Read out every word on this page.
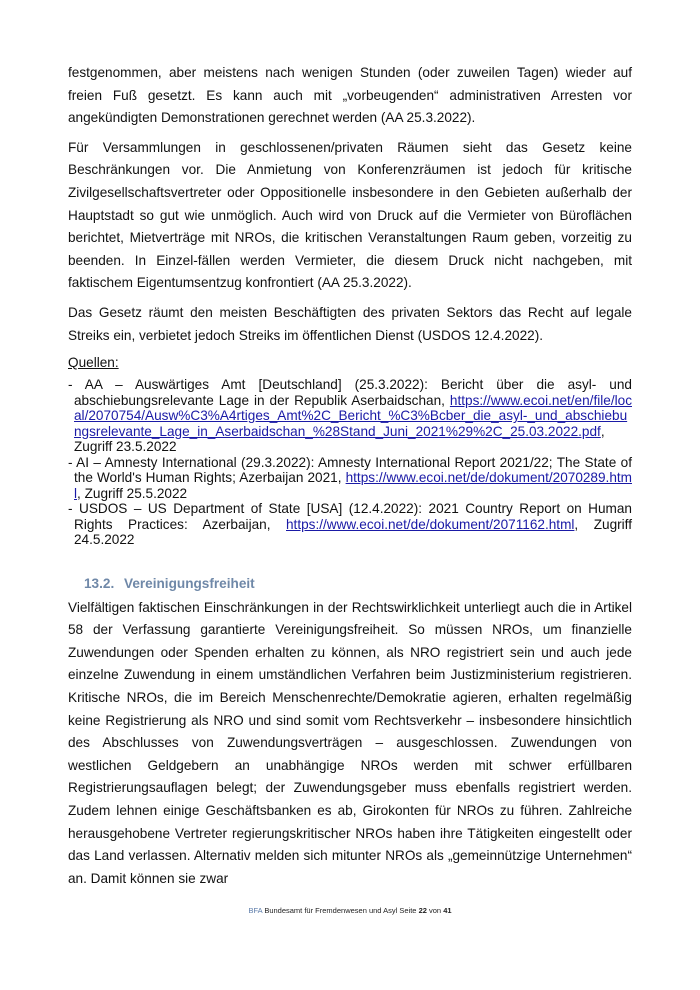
festgenommen, aber meistens nach wenigen Stunden (oder zuweilen Tagen) wieder auf freien Fuß gesetzt. Es kann auch mit „vorbeugenden“ administrativen Arresten vor angekündigten Demonstrationen gerechnet werden (AA 25.3.2022).

Für Versammlungen in geschlossenen/privaten Räumen sieht das Gesetz keine Beschränkungen vor. Die Anmietung von Konferenzräumen ist jedoch für kritische Zivilgesellschaftsvertreter oder Oppositionelle insbesondere in den Gebieten außerhalb der Hauptstadt so gut wie unmöglich. Auch wird von Druck auf die Vermieter von Büroflächen berichtet, Mietverträge mit NROs, die kritischen Veranstaltungen Raum geben, vorzeitig zu beenden. In Einzel-fällen werden Vermieter, die diesem Druck nicht nachgeben, mit faktischem Eigentumsentzug konfrontiert (AA 25.3.2022).

Das Gesetz räumt den meisten Beschäftigten des privaten Sektors das Recht auf legale Streiks ein, verbietet jedoch Streiks im öffentlichen Dienst (USDOS 12.4.2022).

Quellen:
- AA – Auswärtiges Amt [Deutschland] (25.3.2022): Bericht über die asyl- und abschiebungsrelevante Lage in der Republik Aserbaidschan, https://www.ecoi.net/en/file/local/2070754/Ausw%C3%A4rtiges_Amt%2C_Bericht_%C3%Bcber_die_asyl-_und_abschiebungsrelevante_Lage_in_Aserbaidschan_%28Stand_Juni_2021%29%2C_25.03.2022.pdf, Zugriff 23.5.2022
- AI – Amnesty International (29.3.2022): Amnesty International Report 2021/22; The State of the World's Human Rights; Azerbaijan 2021, https://www.ecoi.net/de/dokument/2070289.html, Zugriff 25.5.2022
- USDOS – US Department of State [USA] (12.4.2022): 2021 Country Report on Human Rights Practices: Azerbaijan, https://www.ecoi.net/de/dokument/2071162.html, Zugriff 24.5.2022
13.2. Vereinigungsfreiheit

Vielfältigen faktischen Einschränkungen in der Rechtswirklichkeit unterliegt auch die in Artikel 58 der Verfassung garantierte Vereinigungsfreiheit. So müssen NROs, um finanzielle Zuwendungen oder Spenden erhalten zu können, als NRO registriert sein und auch jede einzelne Zuwendung in einem umständlichen Verfahren beim Justizministerium registrieren. Kritische NROs, die im Bereich Menschenrechte/Demokratie agieren, erhalten regelmäßig keine Registrierung als NRO und sind somit vom Rechtsverkehr – insbesondere hinsichtlich des Abschlusses von Zuwendungsverträgen – ausgeschlossen. Zuwendungen von westlichen Geldgebern an unabhängige NROs werden mit schwer erfüllbaren Registrierungsauflagen belegt; der Zuwendungsgeber muss ebenfalls registriert werden. Zudem lehnen einige Geschäftsbanken es ab, Girokonten für NROs zu führen. Zahlreiche herausgehobene Vertreter regierungskritischer NROs haben ihre Tätigkeiten eingestellt oder das Land verlassen. Alternativ melden sich mitunter NROs als „gemeinnützige Unternehmen“ an. Damit können sie zwar

BFA Bundesamt für Fremdenwesen und Asyl Seite 22 von 41
